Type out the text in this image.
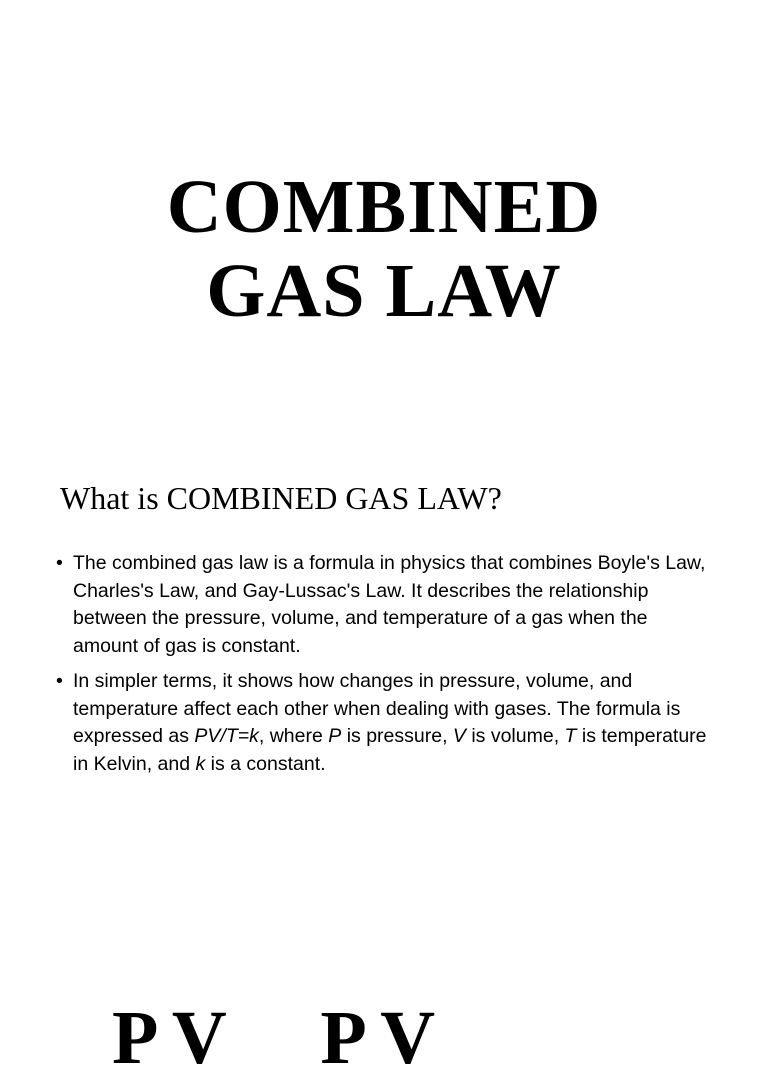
COMBINED
GAS LAW
What is COMBINED GAS LAW?
• The combined gas law is a formula in physics that combines Boyle's Law, Charles's Law, and Gay-Lussac's Law. It describes the relationship between the pressure, volume, and temperature of a gas when the amount of gas is constant.
• In simpler terms, it shows how changes in pressure, volume, and temperature affect each other when dealing with gases. The formula is expressed as PV/T=k, where P is pressure, V is volume, T is temperature in Kelvin, and k is a constant.
P V     P V
